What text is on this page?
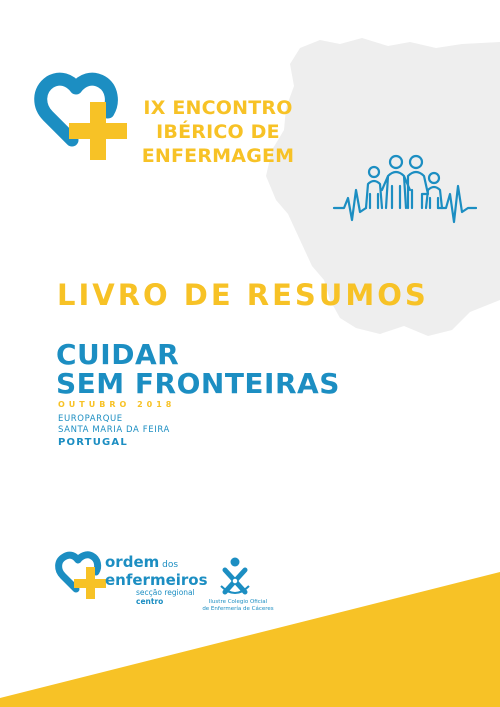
IX ENCONTRO
IBÉRICO DE
ENFERMAGEM
LIVRO DE RESUMOS
CUIDAR
SEM FRONTEIRAS
OUTUBRO 2018
EUROPARQUE
SANTA MARIA DA FEIRA
PORTUGAL
ordem dos
enfermeiros
secção regional
centro	Ilustre Colegio Oficial
de Enfermería de Cáceres
